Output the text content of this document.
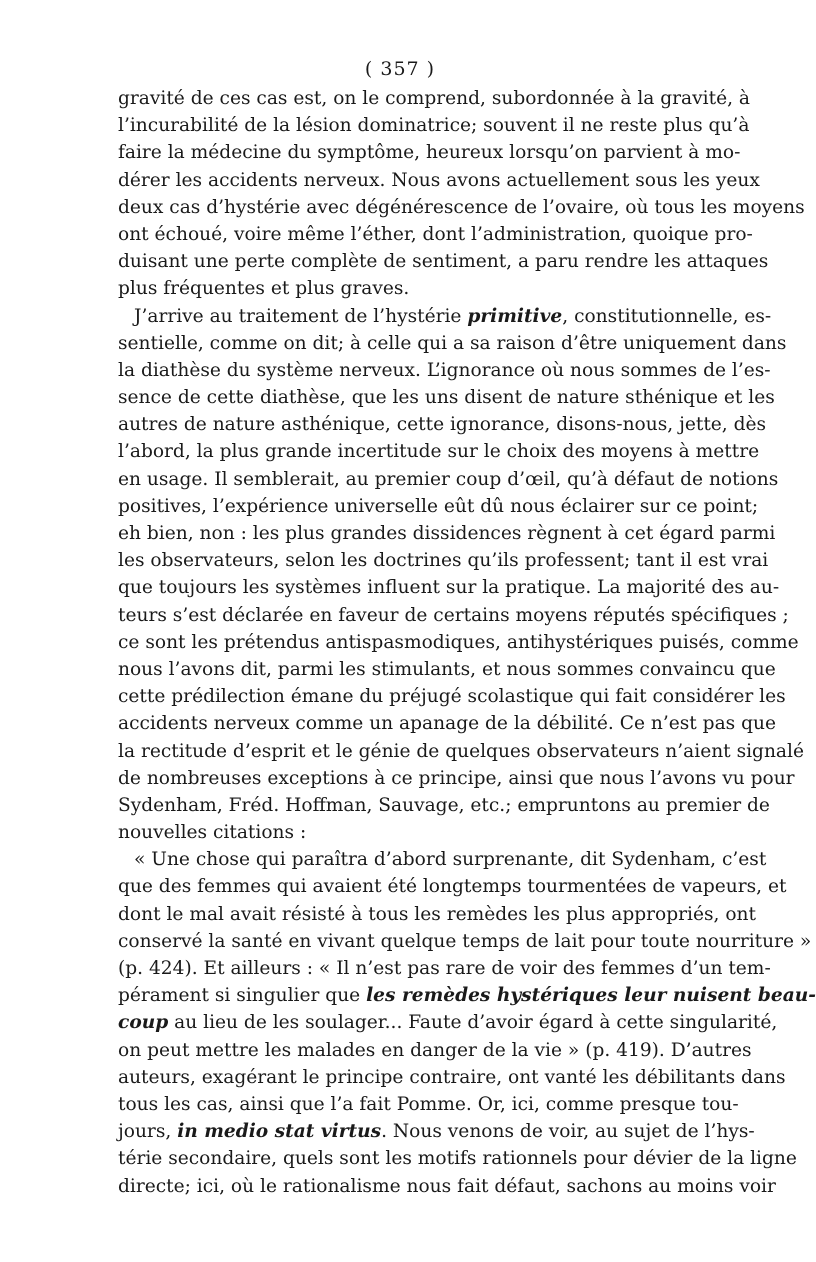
( 357 )
gravité de ces cas est, on le comprend, subordonnée à la gravité, à
l’incurabilité de la lésion dominatrice; souvent il ne reste plus qu’à
faire la médecine du symptôme, heureux lorsqu’on parvient à mo-
dérer les accidents nerveux. Nous avons actuellement sous les yeux
deux cas d’hystérie avec dégénérescence de l’ovaire, où tous les moyens
ont échoué, voire même l’éther, dont l’administration, quoique pro-
duisant une perte complète de sentiment, a paru rendre les attaques
plus fréquentes et plus graves.
J’arrive au traitement de l’hystérie primitive, constitutionnelle, es-
sentielle, comme on dit; à celle qui a sa raison d’être uniquement dans
la diathèse du système nerveux. L’ignorance où nous sommes de l’es-
sence de cette diathèse, que les uns disent de nature sthénique et les
autres de nature asthénique, cette ignorance, disons-nous, jette, dès
l’abord, la plus grande incertitude sur le choix des moyens à mettre
en usage. Il semblerait, au premier coup d’œil, qu’à défaut de notions
positives, l’expérience universelle eût dû nous éclairer sur ce point;
eh bien, non : les plus grandes dissidences règnent à cet égard parmi
les observateurs, selon les doctrines qu’ils professent; tant il est vrai
que toujours les systèmes influent sur la pratique. La majorité des au-
teurs s’est déclarée en faveur de certains moyens réputés spécifiques ;
ce sont les prétendus antispasmodiques, antihystériques puisés, comme
nous l’avons dit, parmi les stimulants, et nous sommes convaincu que
cette prédilection émane du préjugé scolastique qui fait considérer les
accidents nerveux comme un apanage de la débilité. Ce n’est pas que
la rectitude d’esprit et le génie de quelques observateurs n’aient signalé
de nombreuses exceptions à ce principe, ainsi que nous l’avons vu pour
Sydenham, Fréd. Hoffman, Sauvage, etc.; empruntons au premier de
nouvelles citations :
« Une chose qui paraîtra d’abord surprenante, dit Sydenham, c’est
que des femmes qui avaient été longtemps tourmentées de vapeurs, et
dont le mal avait résisté à tous les remèdes les plus appropriés, ont
conservé la santé en vivant quelque temps de lait pour toute nourriture »
(p. 424). Et ailleurs : « Il n’est pas rare de voir des femmes d’un tem-
pérament si singulier que les remèdes hystériques leur nuisent beau-
coup au lieu de les soulager... Faute d’avoir égard à cette singularité,
on peut mettre les malades en danger de la vie » (p. 419). D’autres
auteurs, exagérant le principe contraire, ont vanté les débilitants dans
tous les cas, ainsi que l’a fait Pomme. Or, ici, comme presque tou-
jours, in medio stat virtus. Nous venons de voir, au sujet de l’hys-
térie secondaire, quels sont les motifs rationnels pour dévier de la ligne
directe; ici, où le rationalisme nous fait défaut, sachons au moins voir
